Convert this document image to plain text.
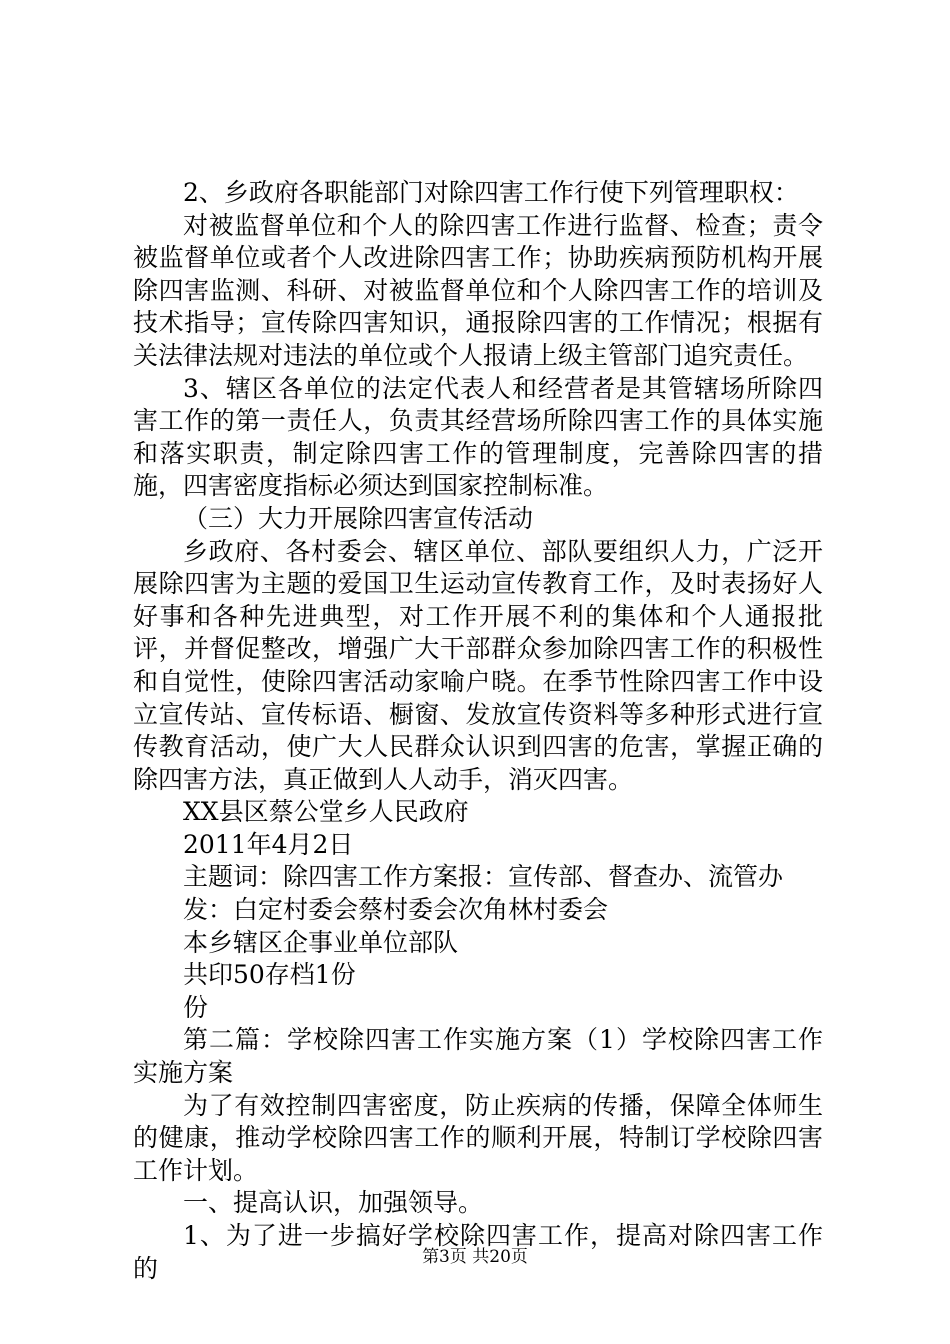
2、乡政府各职能部门对除四害工作行使下列管理职权：

对被监督单位和个人的除四害工作进行监督、检查；责令被监督单位或者个人改进除四害工作；协助疾病预防机构开展除四害监测、科研、对被监督单位和个人除四害工作的培训及技术指导；宣传除四害知识，通报除四害的工作情况；根据有关法律法规对违法的单位或个人报请上级主管部门追究责任。

3、辖区各单位的法定代表人和经营者是其管辖场所除四害工作的第一责任人，负责其经营场所除四害工作的具体实施和落实职责，制定除四害工作的管理制度，完善除四害的措施，四害密度指标必须达到国家控制标准。

（三）大力开展除四害宣传活动

乡政府、各村委会、辖区单位、部队要组织人力，广泛开展除四害为主题的爱国卫生运动宣传教育工作，及时表扬好人好事和各种先进典型，对工作开展不利的集体和个人通报批评，并督促整改，增强广大干部群众参加除四害工作的积极性和自觉性，使除四害活动家喻户晓。在季节性除四害工作中设立宣传站、宣传标语、橱窗、发放宣传资料等多种形式进行宣传教育活动，使广大人民群众认识到四害的危害，掌握正确的除四害方法，真正做到人人动手，消灭四害。

XX县区蔡公堂乡人民政府

2011年4月2日

主题词：除四害工作方案报：宣传部、督查办、流管办

发：白定村委会蔡村委会次角林村委会

本乡辖区企事业单位部队

共印50存档1份

份

第二篇：学校除四害工作实施方案（1）学校除四害工作实施方案

为了有效控制四害密度，防止疾病的传播，保障全体师生的健康，推动学校除四害工作的顺利开展，特制订学校除四害工作计划。

一、提高认识，加强领导。

1、为了进一步搞好学校除四害工作，提高对除四害工作的	第3页 共20页
